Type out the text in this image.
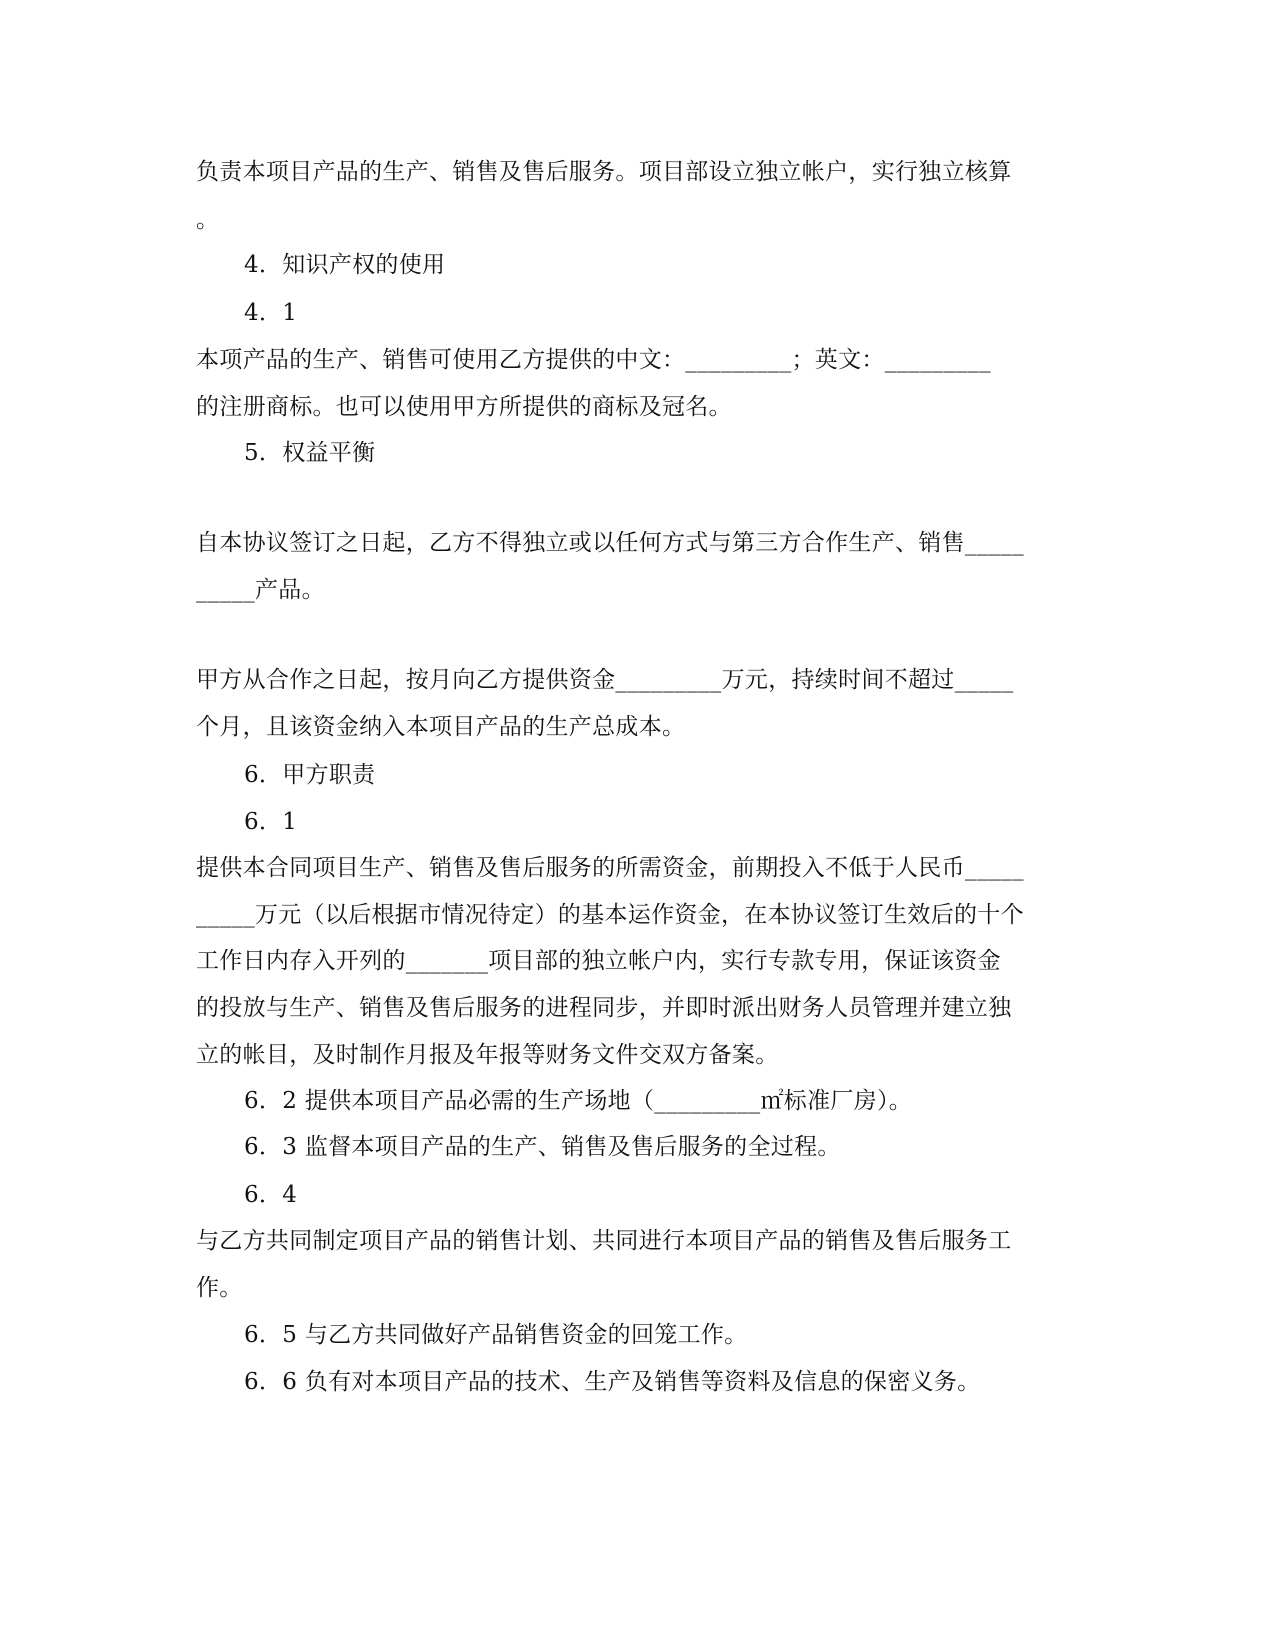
负责本项目产品的生产、销售及售后服务。项目部设立独立帐户，实行独立核算
。
4．知识产权的使用
4．1
本项产品的生产、销售可使用乙方提供的中文：_________；英文：_________
的注册商标。也可以使用甲方所提供的商标及冠名。
5．权益平衡
自本协议签订之日起，乙方不得独立或以任何方式与第三方合作生产、销售_____
_____产品。
甲方从合作之日起，按月向乙方提供资金_________万元，持续时间不超过_____
个月，且该资金纳入本项目产品的生产总成本。
6．甲方职责
6．1
提供本合同项目生产、销售及售后服务的所需资金，前期投入不低于人民币_____
_____万元（以后根据市情况待定）的基本运作资金，在本协议签订生效后的十个
工作日内存入开列的_______项目部的独立帐户内，实行专款专用，保证该资金
的投放与生产、销售及售后服务的进程同步，并即时派出财务人员管理并建立独
立的帐目，及时制作月报及年报等财务文件交双方备案。
6．2 提供本项目产品必需的生产场地（_________㎡标准厂房）。
6．3 监督本项目产品的生产、销售及售后服务的全过程。
6．4
与乙方共同制定项目产品的销售计划、共同进行本项目产品的销售及售后服务工
作。
6．5 与乙方共同做好产品销售资金的回笼工作。
6．6 负有对本项目产品的技术、生产及销售等资料及信息的保密义务。
